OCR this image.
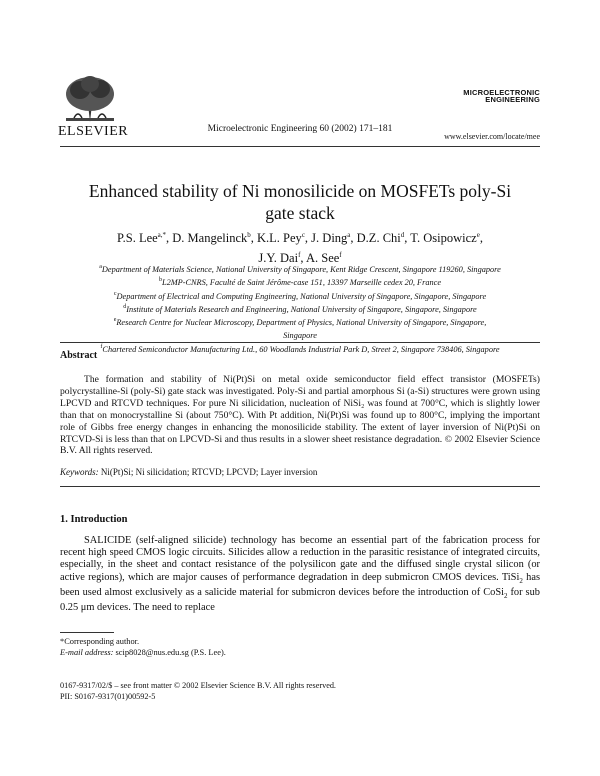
ELSEVIER	Microelectronic Engineering 60 (2002) 171–181
MICROELECTRONIC
ENGINEERING
www.elsevier.com/locate/mee
Enhanced stability of Ni monosilicide on MOSFETs poly-Si
gate stack
P.S. Lee$^{a,*}$, D. Mangelinck$^b$, K.L. Pey$^c$, J. Ding$^a$, D.Z. Chi$^d$, T. Osipowicz$^e$,
J.Y. Dai$^f$, A. See$^f$
$^a$Department of Materials Science, National University of Singapore, Kent Ridge Crescent, Singapore 119260, Singapore
$^b$L2MP-CNRS, Faculté de Saint Jérôme-case 151, 13397 Marseille cedex 20, France
$^c$Department of Electrical and Computing Engineering, National University of Singapore, Singapore, Singapore
$^d$Institute of Materials Research and Engineering, National University of Singapore, Singapore, Singapore
$^e$Research Centre for Nuclear Microscopy, Department of Physics, National University of Singapore, Singapore,
Singapore
$^f$Chartered Semiconductor Manufacturing Ltd., 60 Woodlands Industrial Park D, Street 2, Singapore 738406, Singapore
Abstract

The formation and stability of Ni(Pt)Si on metal oxide semiconductor field effect transistor (MOSFETs) polycrystalline-Si (poly-Si) gate stack was investigated. Poly-Si and partial amorphous Si (a-Si) structures were grown using LPCVD and RTCVD techniques. For pure Ni silicidation, nucleation of NiSi₂ was found at 700°C, which is slightly lower than that on monocrystalline Si (about 750°C). With Pt addition, Ni(Pt)Si was found up to 800°C, implying the important role of Gibbs free energy changes in enhancing the monosilicide stability. The extent of layer inversion of Ni(Pt)Si on RTCVD-Si is less than that on LPCVD-Si and thus results in a slower sheet resistance degradation. © 2002 Elsevier Science B.V. All rights reserved.

Keywords: Ni(Pt)Si; Ni silicidation; RTCVD; LPCVD; Layer inversion
1. Introduction

SALICIDE (self-aligned silicide) technology has become an essential part of the fabrication process for recent high speed CMOS logic circuits. Silicides allow a reduction in the parasitic resistance of integrated circuits, especially, in the sheet and contact resistance of the polysilicon gate and the diffused single crystal silicon (or active regions), which are major causes of performance degradation in deep submicron CMOS devices. TiSi$_2$ has been used almost exclusively as a salicide material for submicron devices before the introduction of CoSi$_2$ for sub 0.25 μm devices. The need to replace

*Corresponding author.
E-mail address: scip8028@nus.edu.sg (P.S. Lee).
0167-9317/02/$ – see front matter © 2002 Elsevier Science B.V. All rights reserved.
PII: S0167-9317(01)00592-5
